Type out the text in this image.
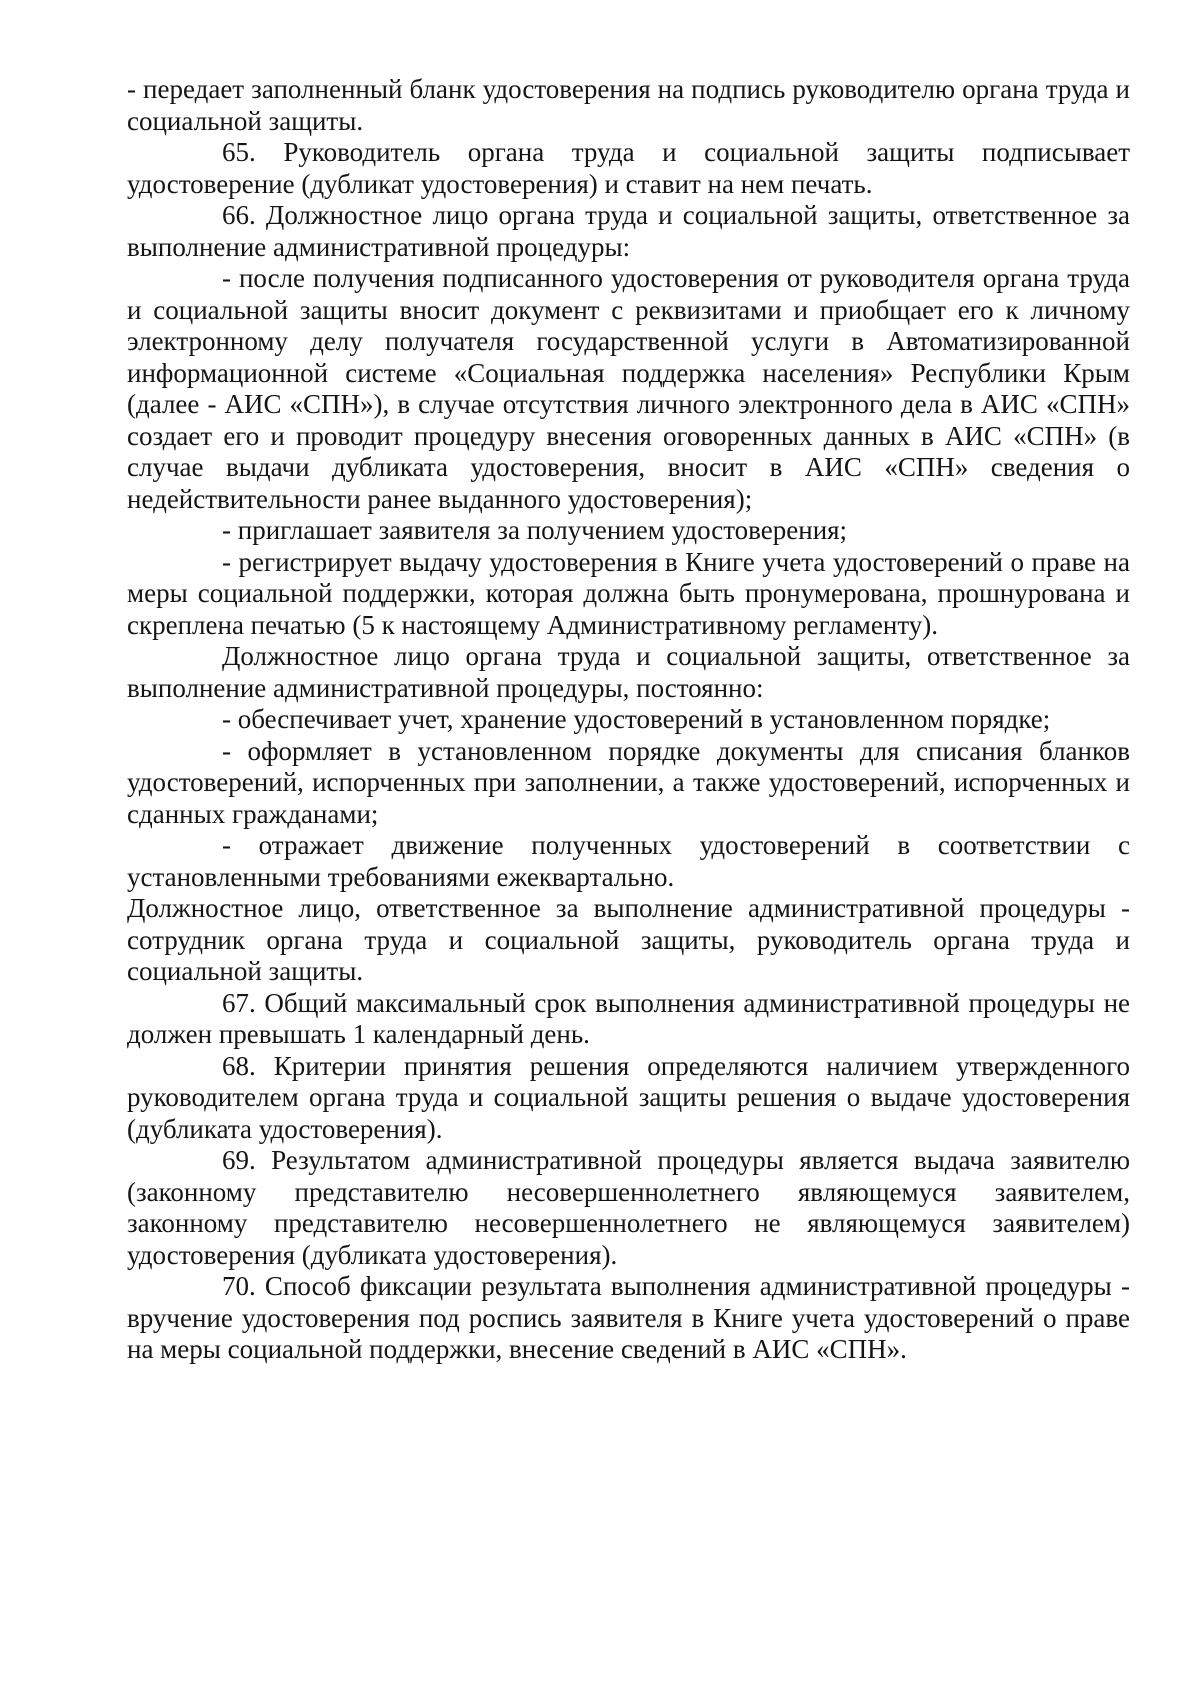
- передает заполненный бланк удостоверения на подпись руководителю органа труда и социальной защиты.

65. Руководитель органа труда и социальной защиты подписывает удостоверение (дубликат удостоверения) и ставит на нем печать.

66. Должностное лицо органа труда и социальной защиты, ответственное за выполнение административной процедуры:

- после получения подписанного удостоверения от руководителя органа труда и социальной защиты вносит документ с реквизитами и приобщает его к личному электронному делу получателя государственной услуги в Автоматизированной информационной системе «Социальная поддержка населения» Республики Крым (далее - АИС «СПН»), в случае отсутствия личного электронного дела в АИС «СПН» создает его и проводит процедуру внесения оговоренных данных в АИС «СПН» (в случае выдачи дубликата удостоверения, вносит в АИС «СПН» сведения о недействительности ранее выданного удостоверения);

- приглашает заявителя за получением удостоверения;

- регистрирует выдачу удостоверения в Книге учета удостоверений о праве на меры социальной поддержки, которая должна быть пронумерована, прошнурована и скреплена печатью (5 к настоящему Административному регламенту).

Должностное лицо органа труда и социальной защиты, ответственное за выполнение административной процедуры, постоянно:

- обеспечивает учет, хранение удостоверений в установленном порядке;

- оформляет в установленном порядке документы для списания бланков удостоверений, испорченных при заполнении, а также удостоверений, испорченных и сданных гражданами;

- отражает движение полученных удостоверений в соответствии с установленными требованиями ежеквартально.

Должностное лицо, ответственное за выполнение административной процедуры - сотрудник органа труда и социальной защиты, руководитель органа труда и социальной защиты.

67. Общий максимальный срок выполнения административной процедуры не должен превышать 1 календарный день.

68. Критерии принятия решения определяются наличием утвержденного руководителем органа труда и социальной защиты решения о выдаче удостоверения (дубликата удостоверения).

69. Результатом административной процедуры является выдача заявителю (законному представителю несовершеннолетнего являющемуся заявителем, законному представителю несовершеннолетнего не являющемуся заявителем) удостоверения (дубликата удостоверения).

70. Способ фиксации результата выполнения административной процедуры - вручение удостоверения под роспись заявителя в Книге учета удостоверений о праве на меры социальной поддержки, внесение сведений в АИС «СПН».
